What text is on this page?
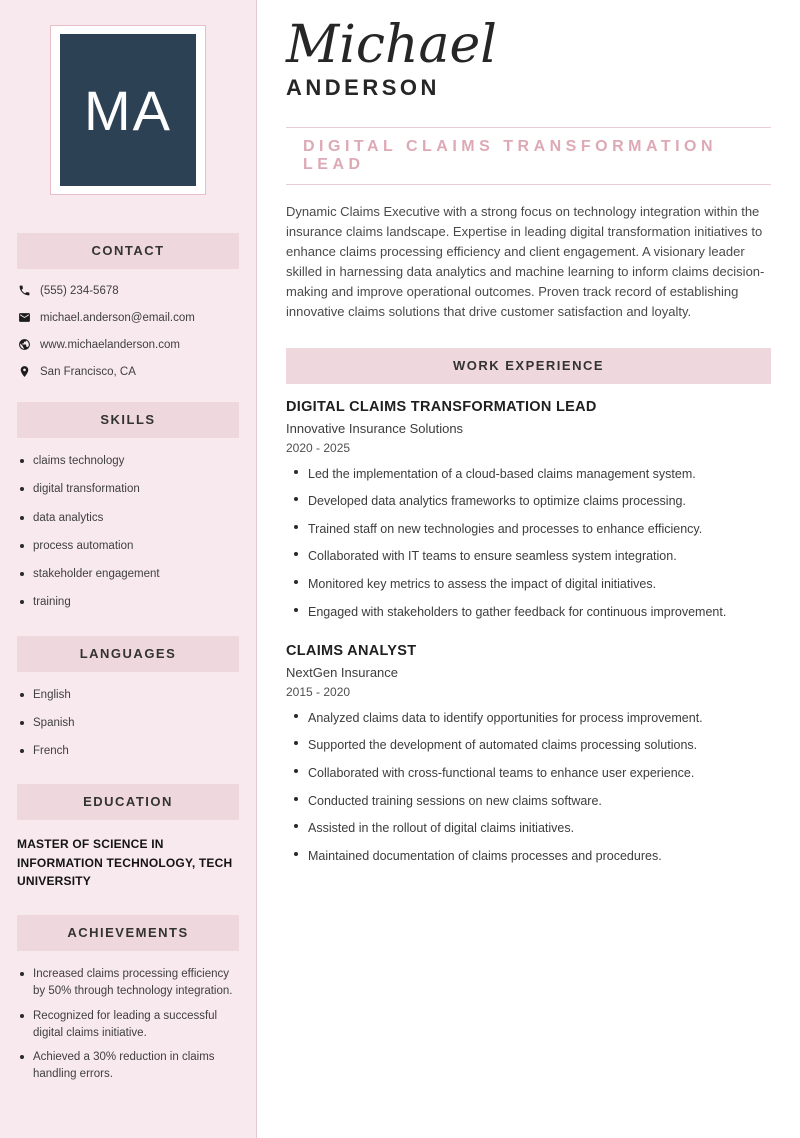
MA
CONTACT
(555) 234-5678
michael.anderson@email.com
www.michaelanderson.com
San Francisco, CA
SKILLS
claims technology
digital transformation
data analytics
process automation
stakeholder engagement
training
LANGUAGES
English
Spanish
French
EDUCATION
MASTER OF SCIENCE IN INFORMATION TECHNOLOGY, TECH UNIVERSITY
ACHIEVEMENTS
Increased claims processing efficiency by 50% through technology integration.
Recognized for leading a successful digital claims initiative.
Achieved a 30% reduction in claims handling errors.
Michael
ANDERSON
DIGITAL CLAIMS TRANSFORMATION LEAD

Dynamic Claims Executive with a strong focus on technology integration within the insurance claims landscape. Expertise in leading digital transformation initiatives to enhance claims processing efficiency and client engagement. A visionary leader skilled in harnessing data analytics and machine learning to inform claims decision-making and improve operational outcomes. Proven track record of establishing innovative claims solutions that drive customer satisfaction and loyalty.

WORK EXPERIENCE
DIGITAL CLAIMS TRANSFORMATION LEAD
Innovative Insurance Solutions
2020 - 2025
Led the implementation of a cloud-based claims management system.
Developed data analytics frameworks to optimize claims processing.
Trained staff on new technologies and processes to enhance efficiency.
Collaborated with IT teams to ensure seamless system integration.
Monitored key metrics to assess the impact of digital initiatives.
Engaged with stakeholders to gather feedback for continuous improvement.
CLAIMS ANALYST
NextGen Insurance
2015 - 2020
Analyzed claims data to identify opportunities for process improvement.
Supported the development of automated claims processing solutions.
Collaborated with cross-functional teams to enhance user experience.
Conducted training sessions on new claims software.
Assisted in the rollout of digital claims initiatives.
Maintained documentation of claims processes and procedures.
